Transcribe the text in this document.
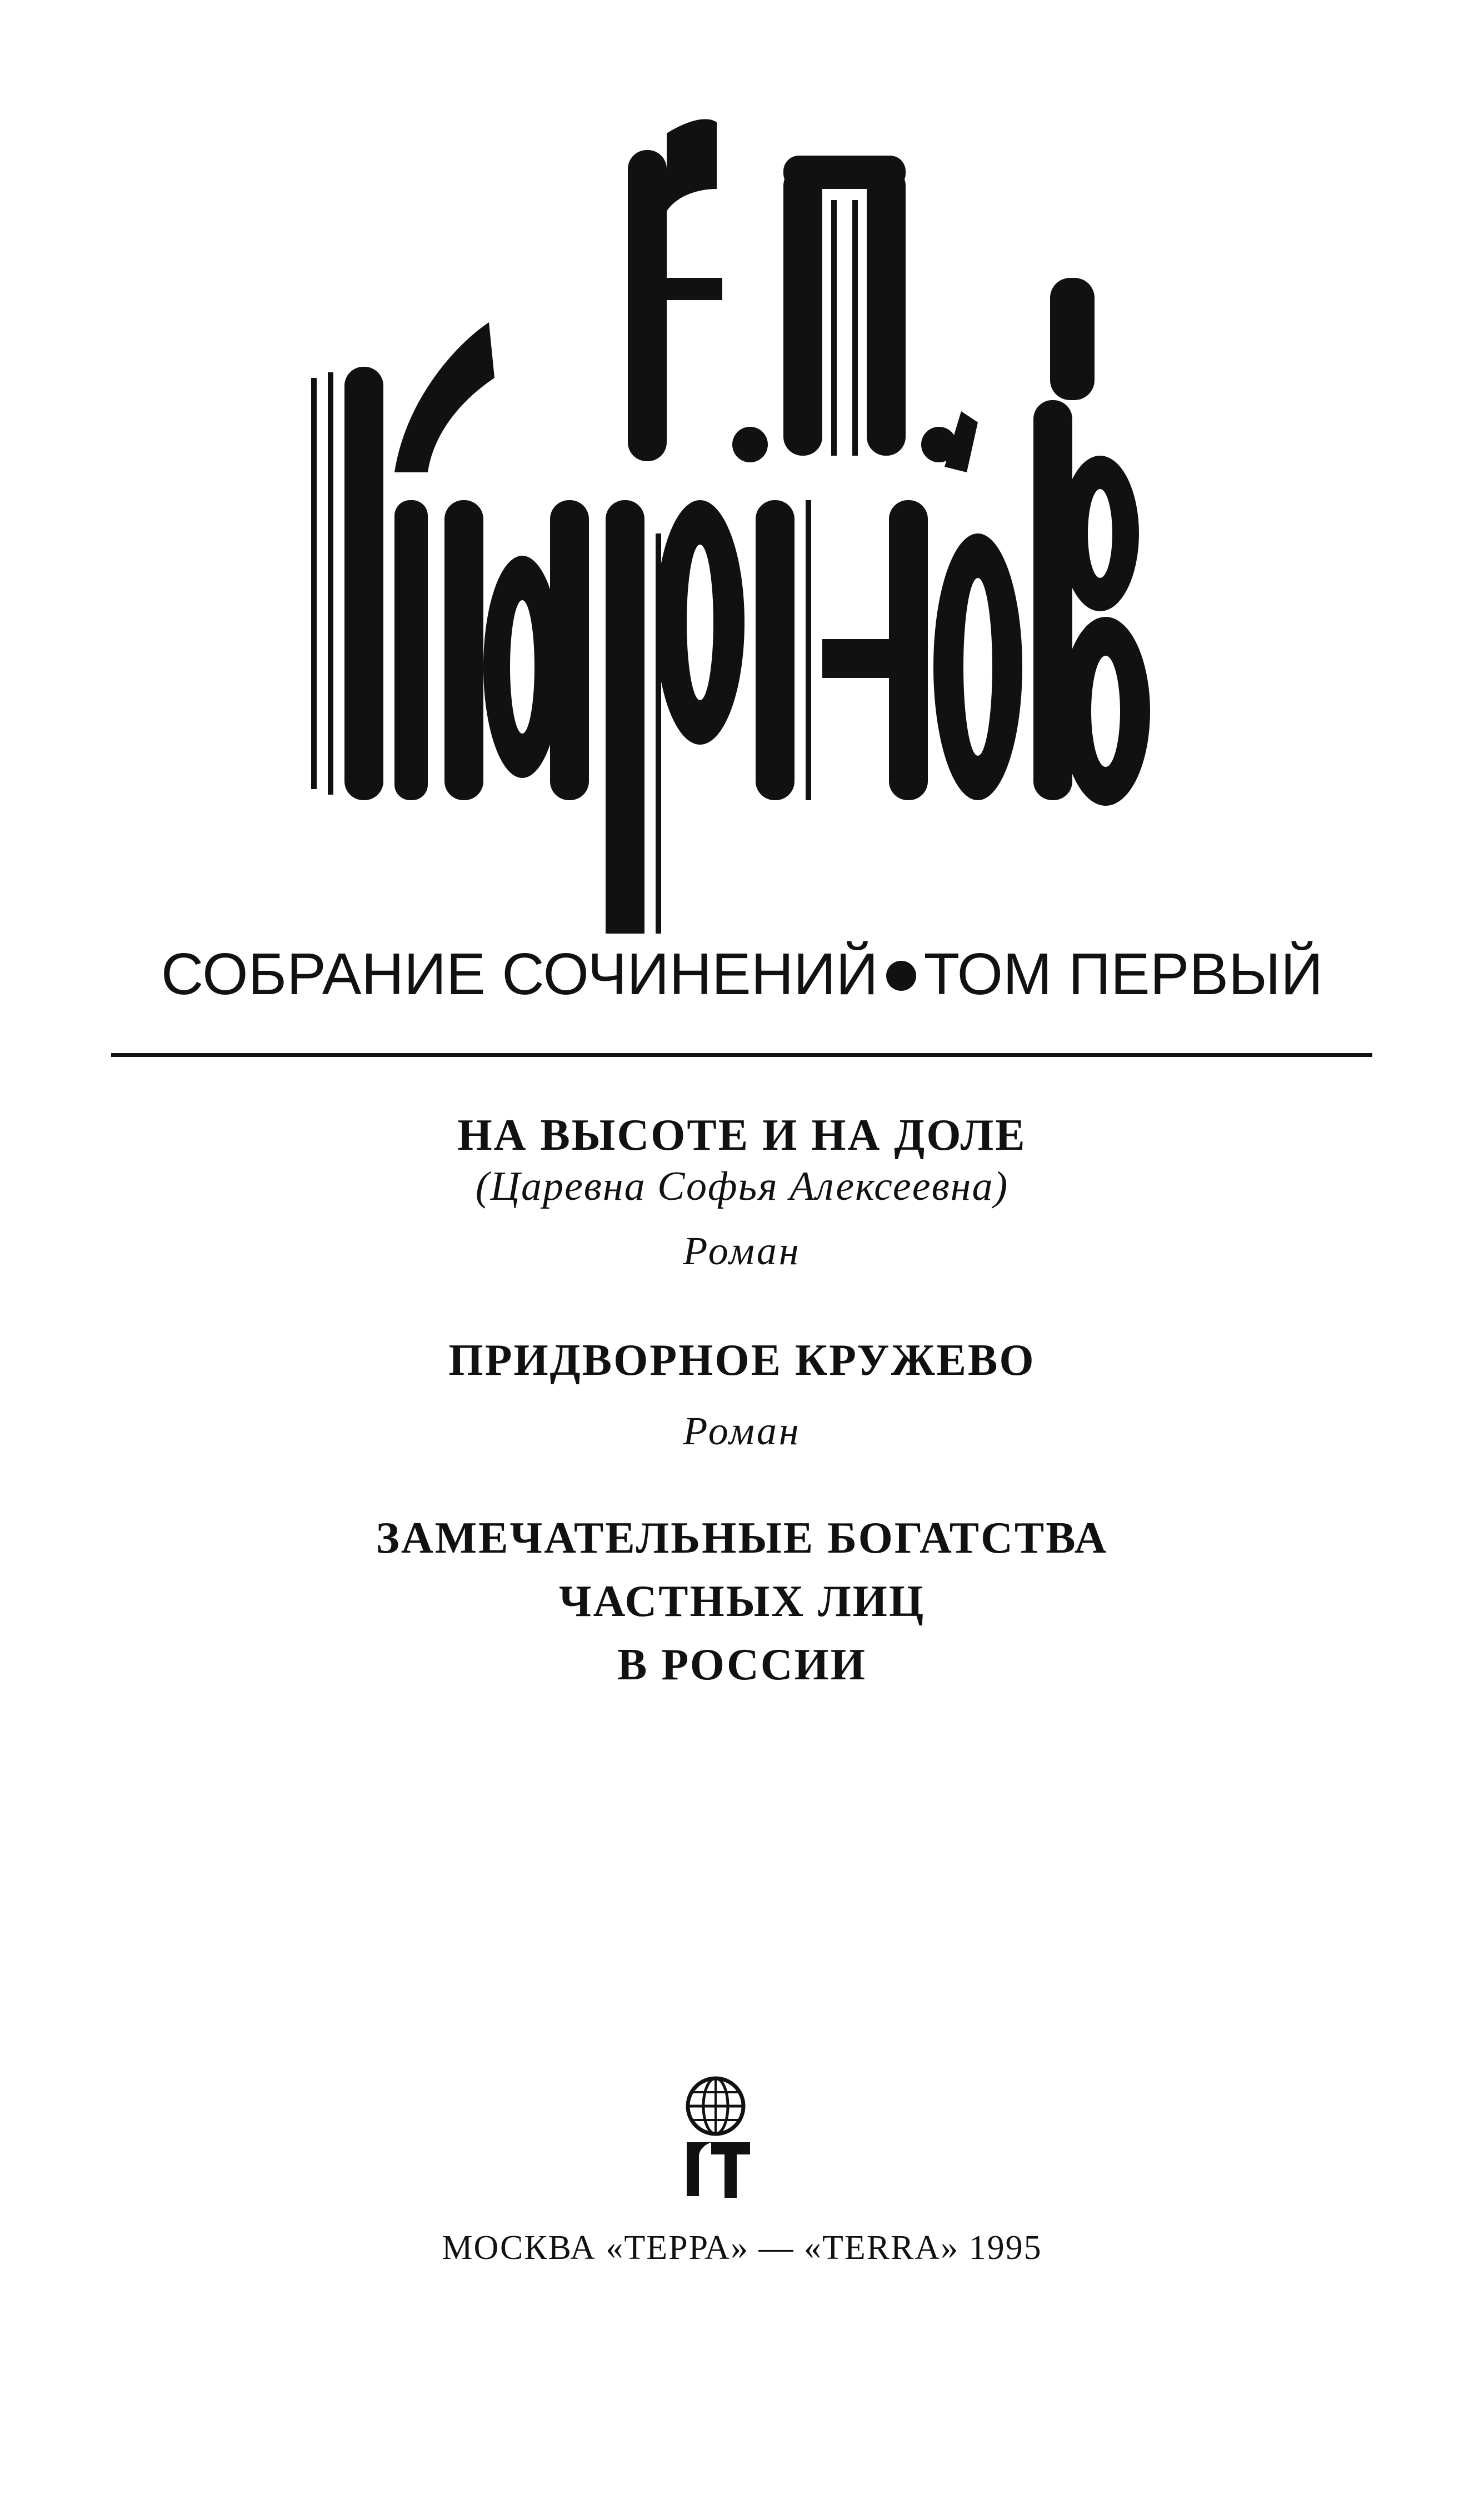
СОБРАНИЕ СОЧИНЕНИЙ ТОМ ПЕРВЫЙ
НА ВЫСОТЕ И НА ДОЛЕ
(Царевна Софья Алексеевна)
Роман
ПРИДВОРНОЕ КРУЖЕВО
Роман
ЗАМЕЧАТЕЛЬНЫЕ БОГАТСТВА
ЧАСТНЫХ ЛИЦ
В РОССИИ
МОСКВА «ТЕРРА» — «TERRA» 1995
